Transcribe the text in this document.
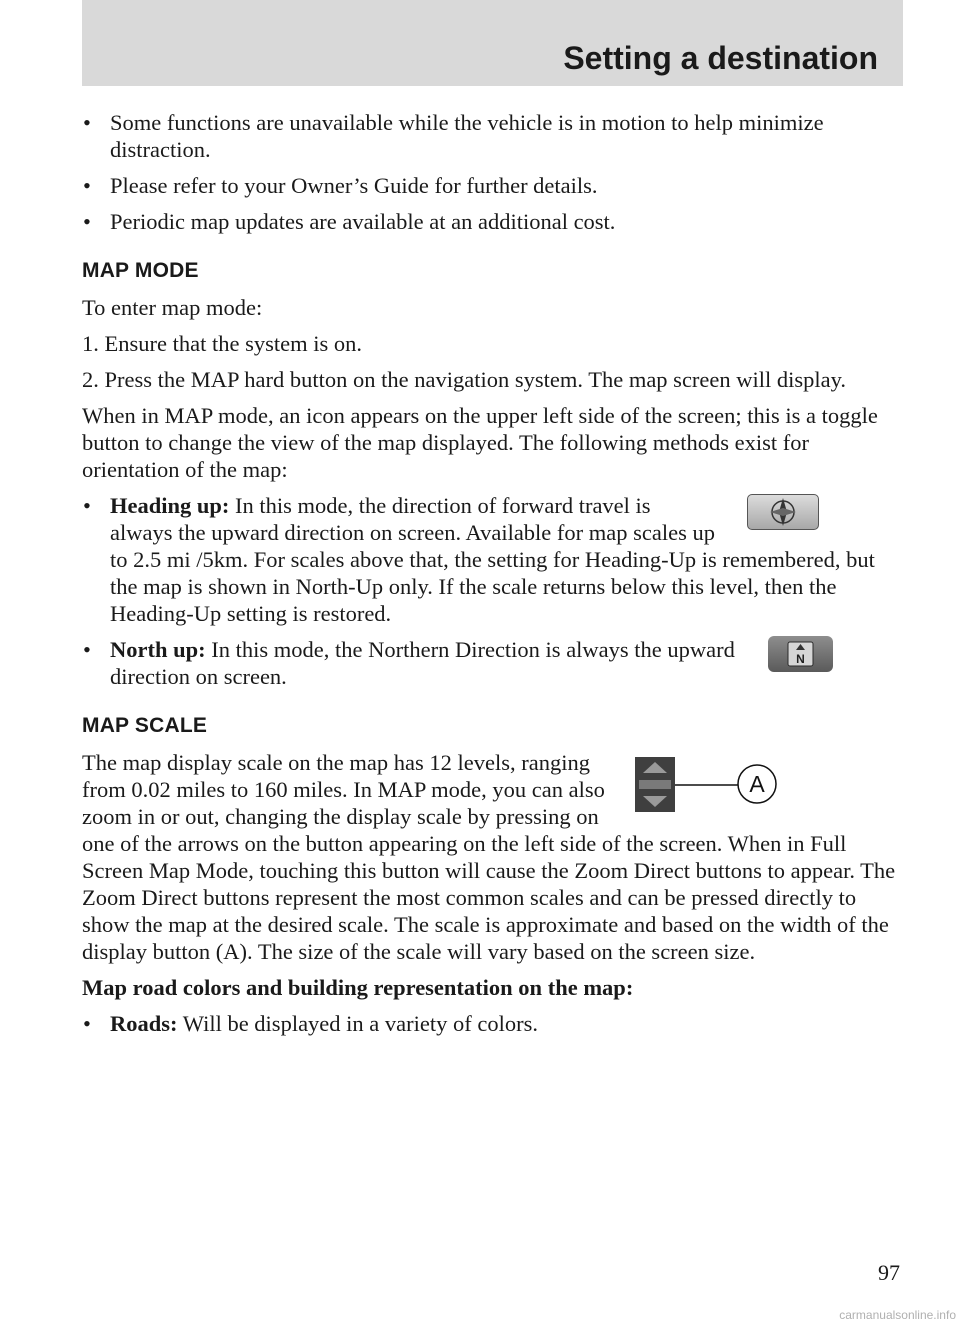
Setting a destination
• Some functions are unavailable while the vehicle is in motion to help minimize distraction.
• Please refer to your Owner’s Guide for further details.
• Periodic map updates are available at an additional cost.
MAP MODE

To enter map mode:

1. Ensure that the system is on.

2. Press the MAP hard button on the navigation system. The map screen will display.

When in MAP mode, an icon appears on the upper left side of the screen; this is a toggle button to change the view of the map displayed. The following methods exist for orientation of the map:

• Heading up: In this mode, the direction of forward travel is always the upward direction on screen. Available for map scales up to 2.5 mi /5km. For scales above that, the setting for Heading-Up is remembered, but the map is shown in North-Up only. If the scale returns below this level, then the Heading-Up setting is restored.
•	N
North up: In this mode, the Northern Direction is always the upward direction on screen.
MAP SCALE
A
The map display scale on the map has 12 levels, ranging from 0.02 miles to 160 miles. In MAP mode, you can also zoom in or out, changing the display scale by pressing on one of the arrows on the button appearing on the left side of the screen. When in Full Screen Map Mode, touching this button will cause the Zoom Direct buttons to appear. The Zoom Direct buttons represent the most common scales and can be pressed directly to show the map at the desired scale. The scale is approximate and based on the width of the display button (A). The size of the scale will vary based on the screen size.

Map road colors and building representation on the map:

• Roads: Will be displayed in a variety of colors.
97
carmanualsonline.info
